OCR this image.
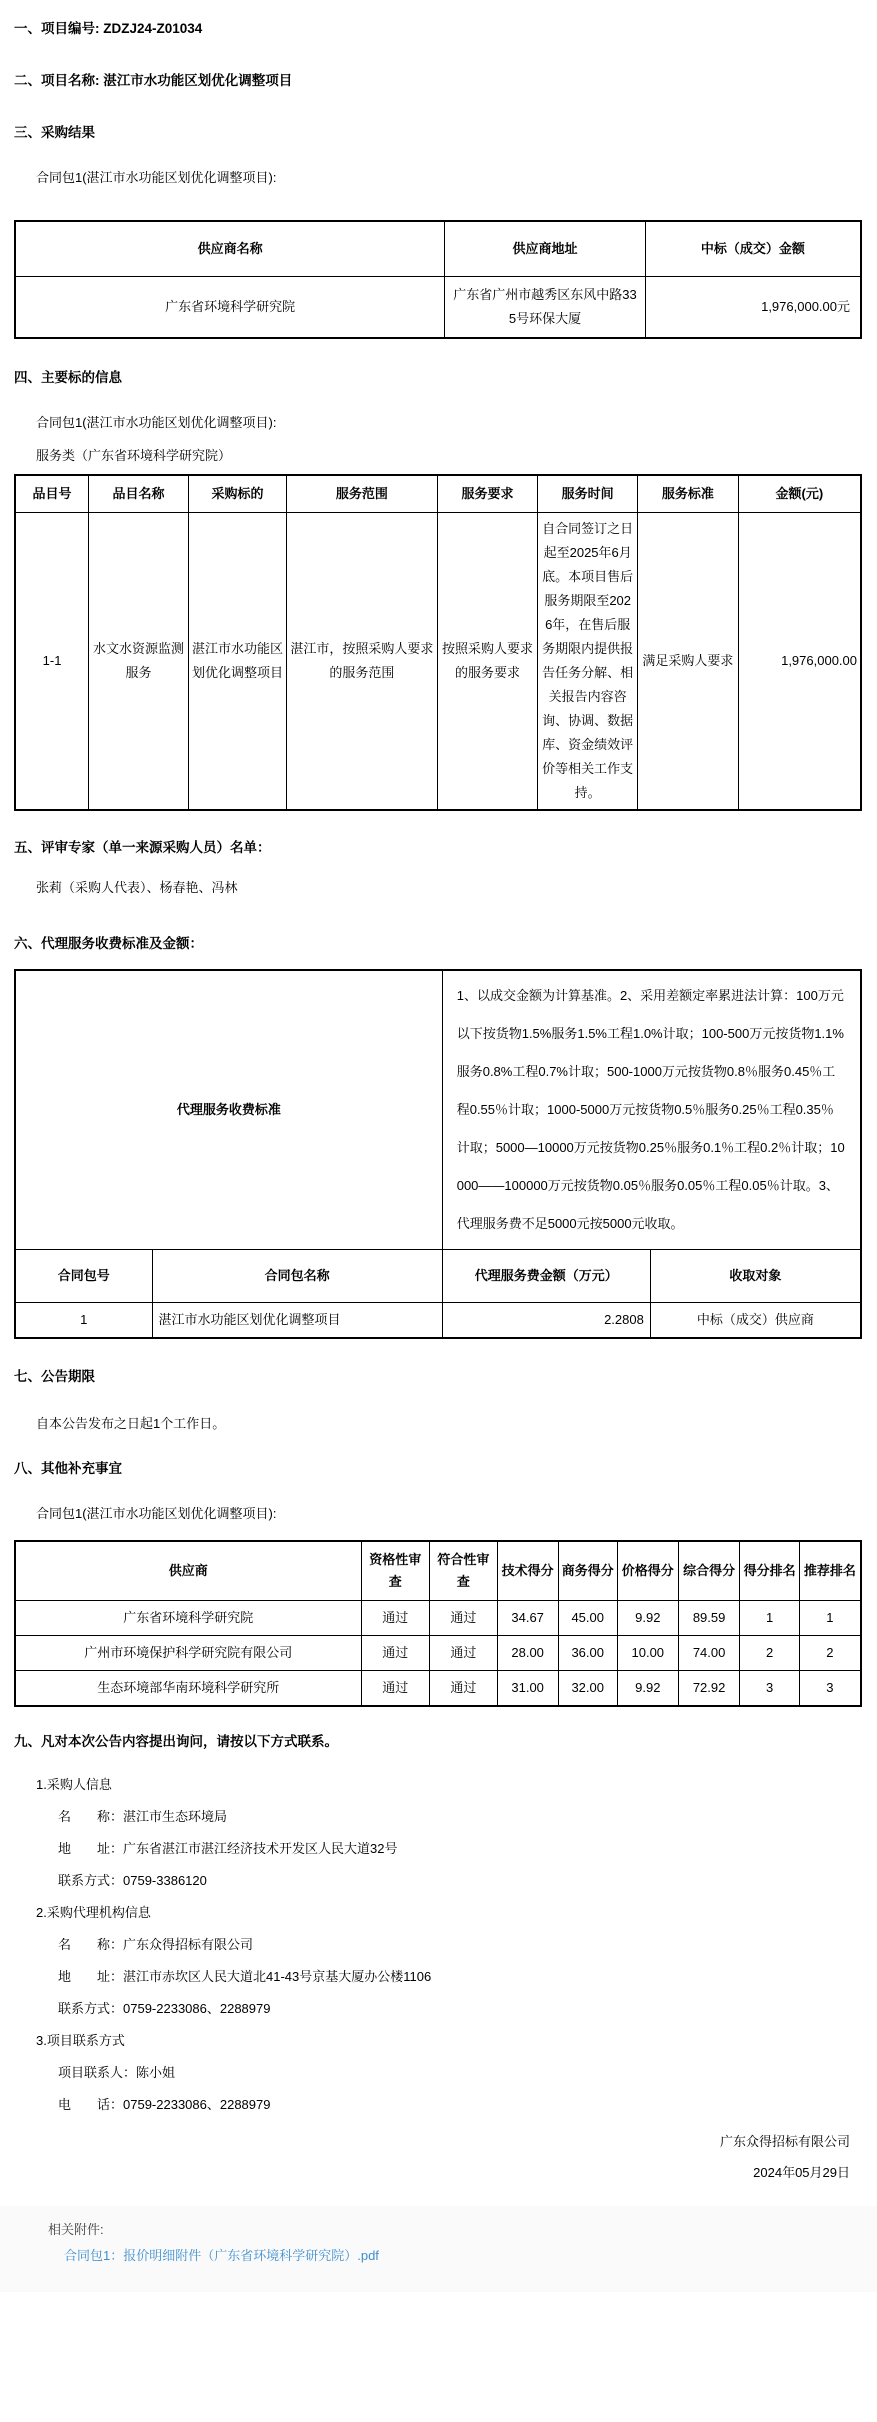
一、项目编号: ZDZJ24-Z01034
二、项目名称: 湛江市水功能区划优化调整项目
三、采购结果
合同包1(湛江市水功能区划优化调整项目):
供应商名称	供应商地址	中标（成交）金额
广东省环境科学研究院	广东省广州市越秀区东风中路335号环保大厦	1,976,000.00元
四、主要标的信息
合同包1(湛江市水功能区划优化调整项目):
服务类（广东省环境科学研究院）
品目号	品目名称	采购标的	服务范围	服务要求	服务时间	服务标准	金额(元)
1-1	水文水资源监测服务	湛江市水功能区划优化调整项目	湛江市，按照采购人要求的服务范围	按照采购人要求的服务要求	自合同签订之日起至2025年6月底。本项目售后服务期限至2026年，在售后服务期限内提供报告任务分解、相关报告内容咨询、协调、数据库、资金绩效评价等相关工作支持。	满足采购人要求	1,976,000.00
五、评审专家（单一来源采购人员）名单：
张莉（采购人代表）、杨春艳、冯林
六、代理服务收费标准及金额：
代理服务收费标准		1、以成交金额为计算基准。2、采用差额定率累进法计算：100万元以下按货物1.5%服务1.5%工程1.0%计取；100-500万元按货物1.1%服务0.8%工程0.7%计取；500-1000万元按货物0.8％服务0.45％工程0.55％计取；1000-5000万元按货物0.5％服务0.25％工程0.35％计取；5000—10000万元按货物0.25％服务0.1％工程0.2％计取；10000——100000万元按货物0.05％服务0.05％工程0.05％计取。3、代理服务费不足5000元按5000元收取。	
合同包号	合同包名称	代理服务费金额（万元）	收取对象
1	湛江市水功能区划优化调整项目	2.2808	中标（成交）供应商
七、公告期限
自本公告发布之日起1个工作日。
八、其他补充事宜
合同包1(湛江市水功能区划优化调整项目):
供应商	资格性审查	符合性审查	技术得分	商务得分	价格得分	综合得分	得分排名	推荐排名
广东省环境科学研究院	通过	通过	34.67	45.00	9.92	89.59	1	1
广州市环境保护科学研究院有限公司	通过	通过	28.00	36.00	10.00	74.00	2	2
生态环境部华南环境科学研究所	通过	通过	31.00	32.00	9.92	72.92	3	3
九、凡对本次公告内容提出询问，请按以下方式联系。
1.采购人信息
名　　称：湛江市生态环境局
地　　址：广东省湛江市湛江经济技术开发区人民大道32号
联系方式：0759-3386120
2.采购代理机构信息
名　　称：广东众得招标有限公司
地　　址：湛江市赤坎区人民大道北41-43号京基大厦办公楼1106
联系方式：0759-2233086、2288979
3.项目联系方式
项目联系人：陈小姐
电　　话：0759-2233086、2288979
广东众得招标有限公司
2024年05月29日
相关附件:
合同包1：报价明细附件（广东省环境科学研究院）.pdf
